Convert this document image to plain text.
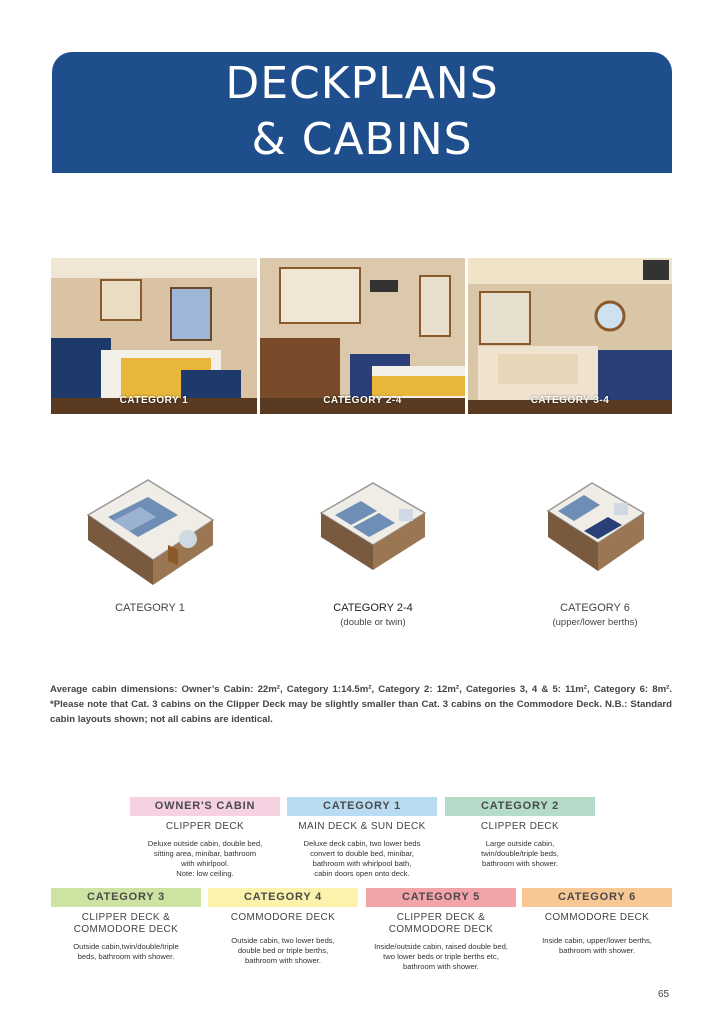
DECKPLANS
& CABINS
CATEGORY 1	CATEGORY 2-4	CATEGORY 3-4
CATEGORY 1	CATEGORY 2-4
(double or twin)
CATEGORY 6
(upper/lower berths)
Average cabin dimensions: Owner’s Cabin: 22m², Category 1:14.5m², Category 2: 12m², Categories 3, 4 & 5: 11m², Category 6: 8m². *Please note that Cat. 3 cabins on the Clipper Deck may be slightly smaller than Cat. 3 cabins on the Commodore Deck. N.B.: Standard cabin layouts shown; not all cabins are identical.
OWNER'S CABIN
CLIPPER DECK
Deluxe outside cabin, double bed,
sitting area, minibar, bathroom
with whirlpool.
Note: low ceiling.
CATEGORY 1
MAIN DECK & SUN DECK
Deluxe deck cabin, two lower beds
convert to double bed, minibar,
bathroom with whirlpool bath,
cabin doors open onto deck.
CATEGORY 2
CLIPPER DECK
Large outside cabin,
twin/double/triple beds,
bathroom with shower.
CATEGORY 3
CLIPPER DECK & COMMODORE DECK
Outside cabin,twin/double/triple
beds, bathroom with shower.
CATEGORY 4
COMMODORE DECK
Outside cabin, two lower beds,
double bed or triple berths,
bathroom with shower.
CATEGORY 5
CLIPPER DECK & COMMODORE DECK
Inside/outside cabin, raised double bed,
two lower beds or triple berths etc,
bathroom with shower.
CATEGORY 6
COMMODORE DECK
Inside cabin, upper/lower berths,
bathroom with shower.
65
